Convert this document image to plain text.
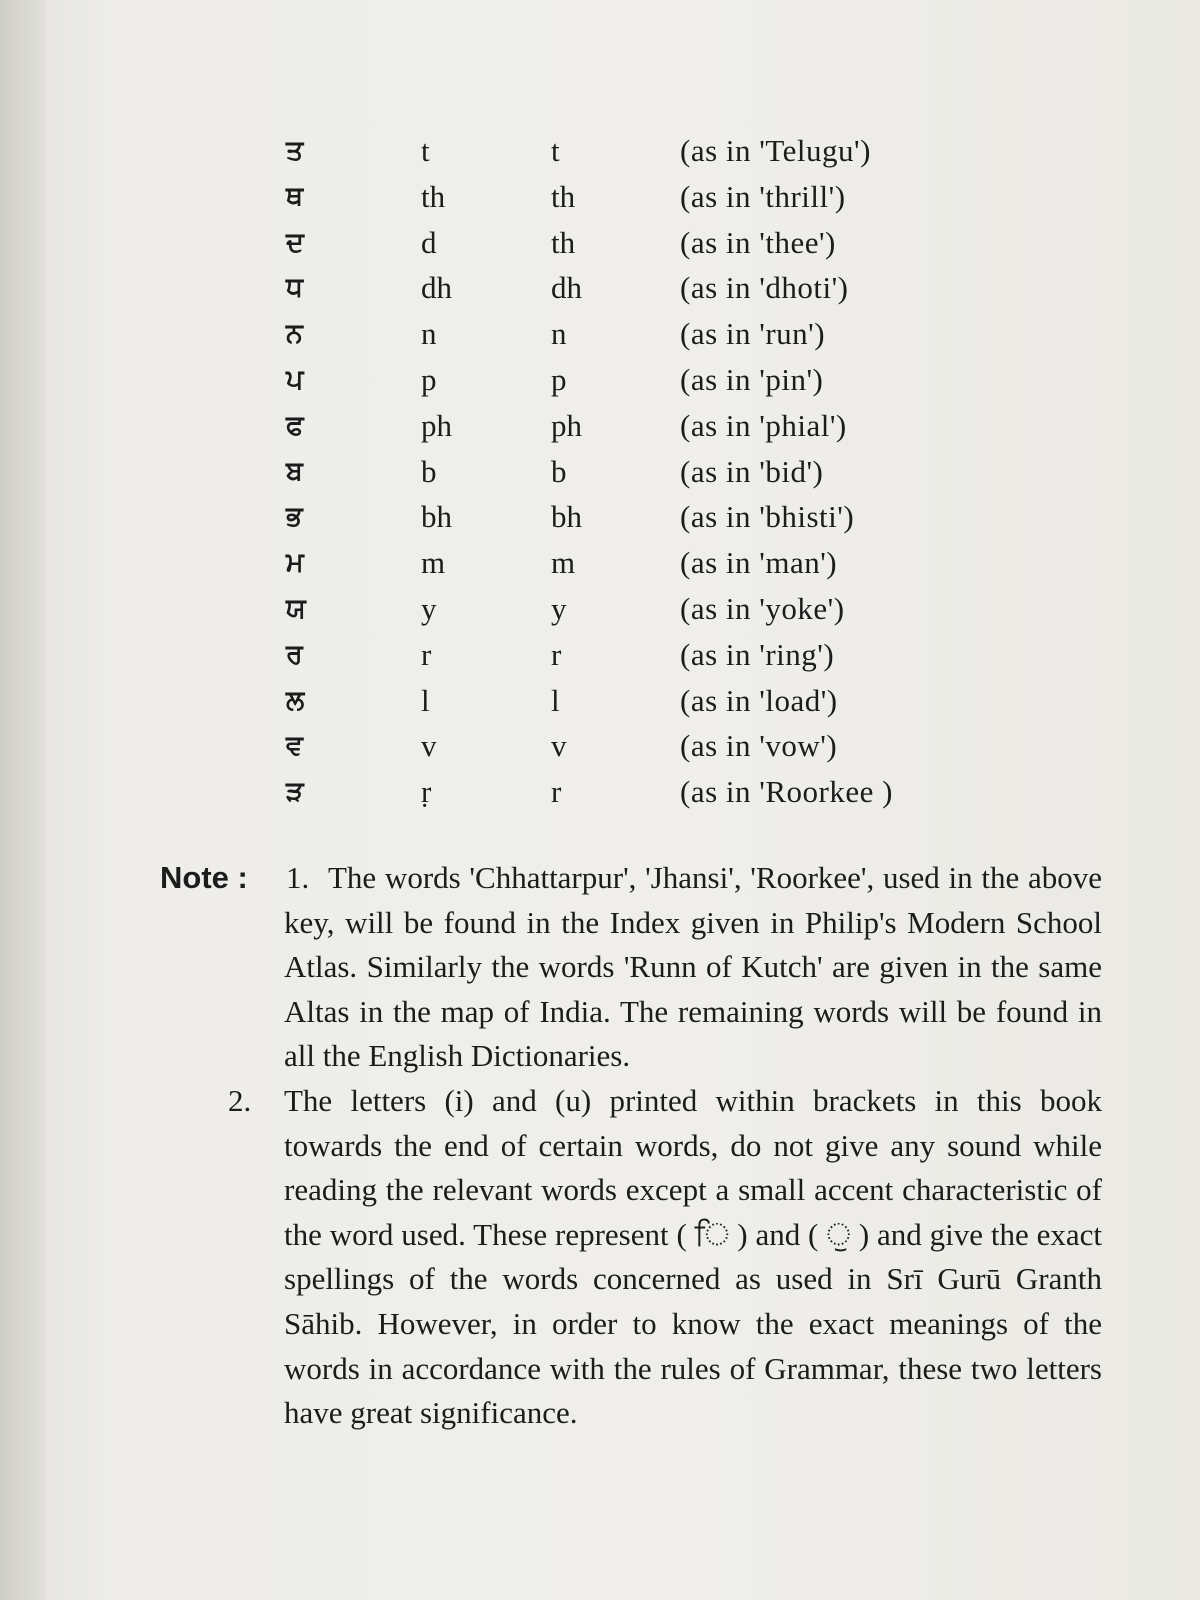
ਤ	t	t	(as in 'Telugu')
ਥ	th	th	(as in 'thrill')
ਦ	d	th	(as in 'thee')
ਧ	dh	dh	(as in 'dhoti')
ਨ	n	n	(as in 'run')
ਪ	p	p	(as in 'pin')
ਫ	ph	ph	(as in 'phial')
ਬ	b	b	(as in 'bid')
ਭ	bh	bh	(as in 'bhisti')
ਮ	m	m	(as in 'man')
ਯ	y	y	(as in 'yoke')
ਰ	r	r	(as in 'ring')
ਲ	l	l	(as in 'load')
ਵ	v	v	(as in 'vow')
ੜ	ṛ	r	(as in 'Roorkee )
Note : 1. The words 'Chhattarpur', 'Jhansi', 'Roorkee', used in the above key, will be found in the Index given in Philip's Modern School Atlas. Similarly the words 'Runn of Kutch' are given in the same Altas in the map of India. The remaining words will be found in all the English Dictionaries.
2. The letters (i) and (u) printed within brackets in this book towards the end of certain words, do not give any sound while reading the relevant words except a small accent characteristic of the word used. These represent ( ਿ ) and ( ੁ ) and give the exact spellings of the words concerned as used in Srī Gurū Granth Sāhib. However, in order to know the exact meanings of the words in accordance with the rules of Grammar, these two letters have great significance.
